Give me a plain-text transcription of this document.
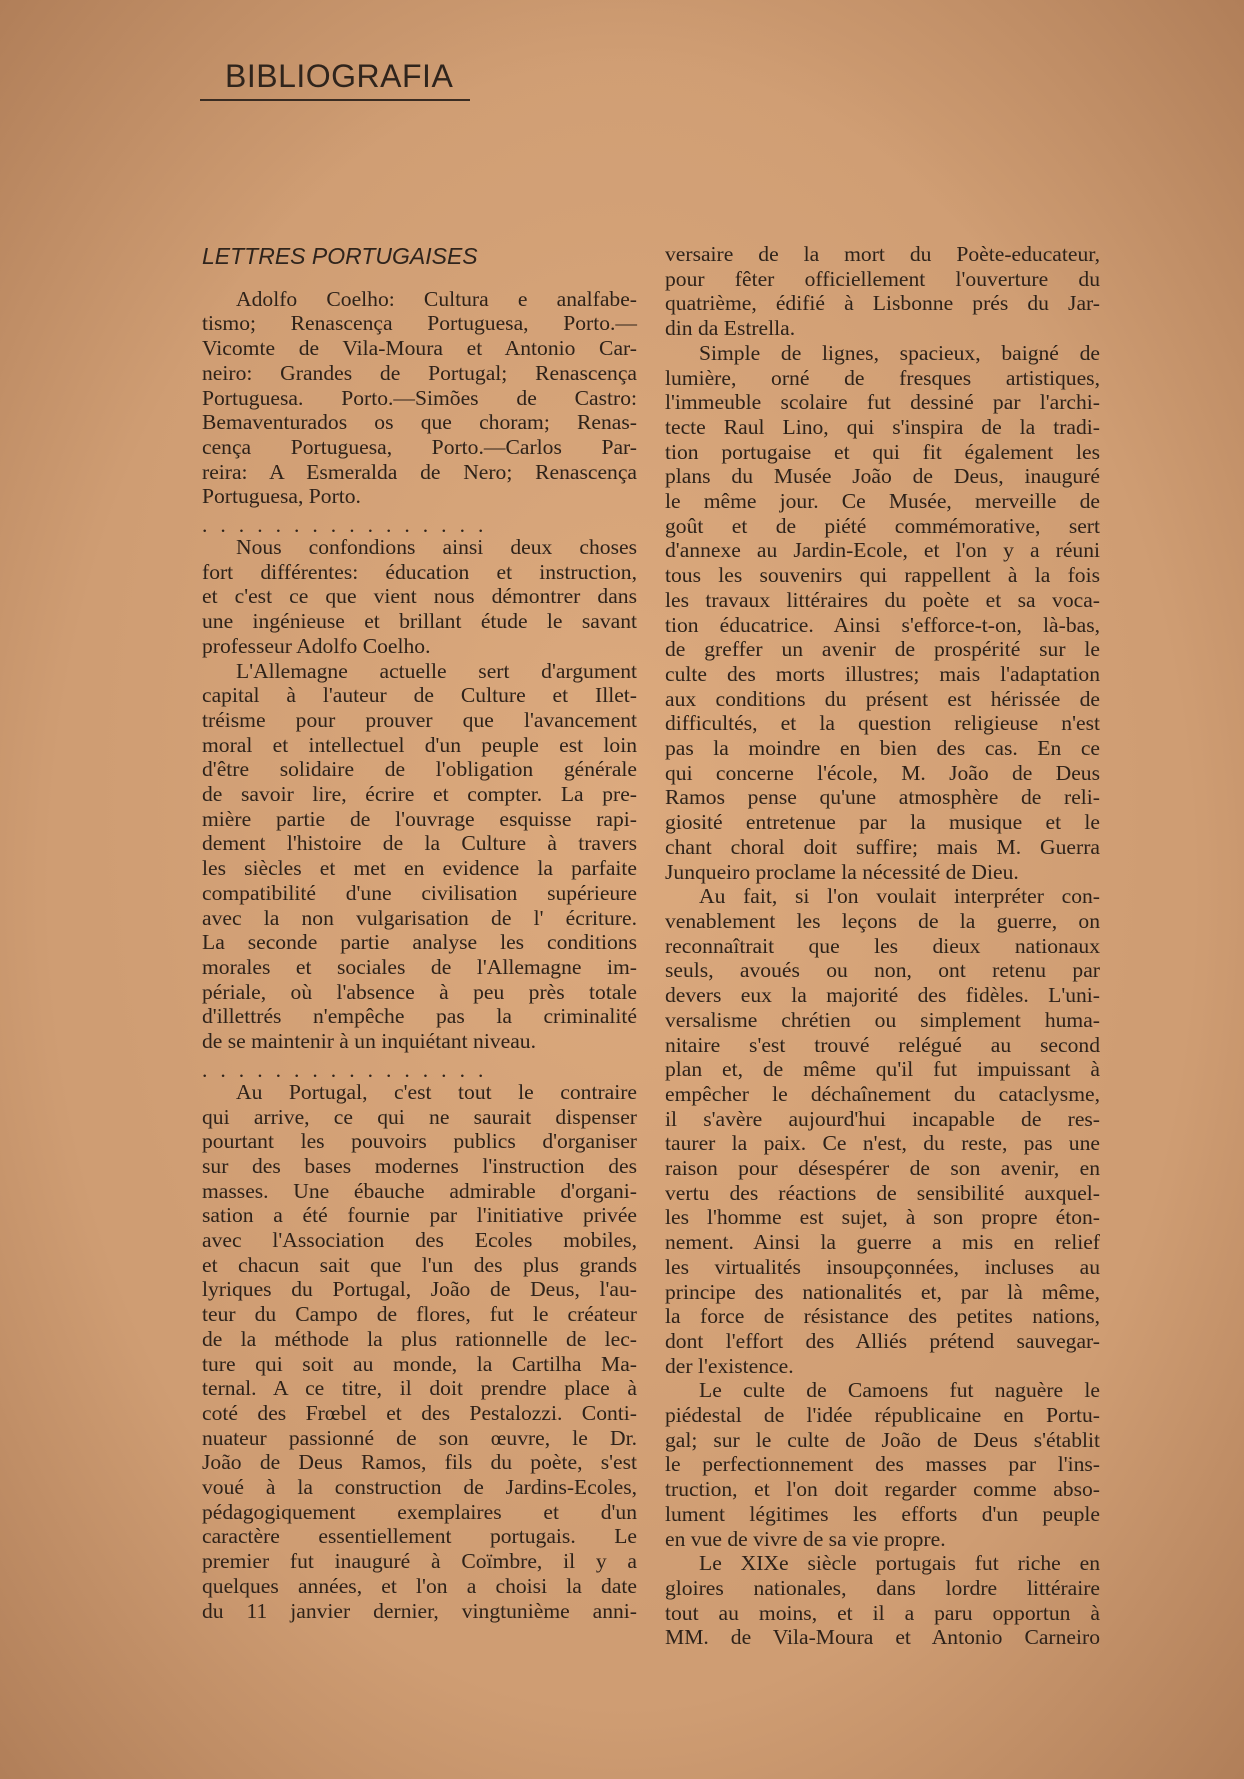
BIBLIOGRAFIA
LETTRES PORTUGAISES
Adolfo Coelho: Cultura e analfabe-
tismo; Renascença Portuguesa, Porto.—
Vicomte de Vila-Moura et Antonio Car-
neiro: Grandes de Portugal; Renascença
Portuguesa. Porto.—Simões de Castro:
Bemaventurados os que choram; Renas-
cença Portuguesa, Porto.—Carlos Par-
reira: A Esmeralda de Nero; Renascença
Portuguesa, Porto.
................
Nous confondions ainsi deux choses
fort différentes: éducation et instruction,
et c'est ce que vient nous démontrer dans
une ingénieuse et brillant étude le savant
professeur Adolfo Coelho.
L'Allemagne actuelle sert d'argument
capital à l'auteur de Culture et Illet-
tréisme pour prouver que l'avancement
moral et intellectuel d'un peuple est loin
d'être solidaire de l'obligation générale
de savoir lire, écrire et compter. La pre-
mière partie de l'ouvrage esquisse rapi-
dement l'histoire de la Culture à travers
les siècles et met en evidence la parfaite
compatibilité d'une civilisation supérieure
avec la non vulgarisation de l' écriture.
La seconde partie analyse les conditions
morales et sociales de l'Allemagne im-
périale, où l'absence à peu près totale
d'illettrés n'empêche pas la criminalité
de se maintenir à un inquiétant niveau.
................
Au Portugal, c'est tout le contraire
qui arrive, ce qui ne saurait dispenser
pourtant les pouvoirs publics d'organiser
sur des bases modernes l'instruction des
masses. Une ébauche admirable d'organi-
sation a été fournie par l'initiative privée
avec l'Association des Ecoles mobiles,
et chacun sait que l'un des plus grands
lyriques du Portugal, João de Deus, l'au-
teur du Campo de flores, fut le créateur
de la méthode la plus rationnelle de lec-
ture qui soit au monde, la Cartilha Ma-
ternal. A ce titre, il doit prendre place à
coté des Frœbel et des Pestalozzi. Conti-
nuateur passionné de son œuvre, le Dr.
João de Deus Ramos, fils du poète, s'est
voué à la construction de Jardins-Ecoles,
pédagogiquement exemplaires et d'un
caractère essentiellement portugais. Le
premier fut inauguré à Coïmbre, il y a
quelques années, et l'on a choisi la date
du 11 janvier dernier, vingtunième anni-
versaire de la mort du Poète-educateur,
pour fêter officiellement l'ouverture du
quatrième, édifié à Lisbonne prés du Jar-
din da Estrella.
Simple de lignes, spacieux, baigné de
lumière, orné de fresques artistiques,
l'immeuble scolaire fut dessiné par l'archi-
tecte Raul Lino, qui s'inspira de la tradi-
tion portugaise et qui fit également les
plans du Musée João de Deus, inauguré
le même jour. Ce Musée, merveille de
goût et de piété commémorative, sert
d'annexe au Jardin-Ecole, et l'on y a réuni
tous les souvenirs qui rappellent à la fois
les travaux littéraires du poète et sa voca-
tion éducatrice. Ainsi s'efforce-t-on, là-bas,
de greffer un avenir de prospérité sur le
culte des morts illustres; mais l'adaptation
aux conditions du présent est hérissée de
difficultés, et la question religieuse n'est
pas la moindre en bien des cas. En ce
qui concerne l'école, M. João de Deus
Ramos pense qu'une atmosphère de reli-
giosité entretenue par la musique et le
chant choral doit suffire; mais M. Guerra
Junqueiro proclame la nécessité de Dieu.
Au fait, si l'on voulait interpréter con-
venablement les leçons de la guerre, on
reconnaîtrait que les dieux nationaux
seuls, avoués ou non, ont retenu par
devers eux la majorité des fidèles. L'uni-
versalisme chrétien ou simplement huma-
nitaire s'est trouvé relégué au second
plan et, de même qu'il fut impuissant à
empêcher le déchaînement du cataclysme,
il s'avère aujourd'hui incapable de res-
taurer la paix. Ce n'est, du reste, pas une
raison pour désespérer de son avenir, en
vertu des réactions de sensibilité auxquel-
les l'homme est sujet, à son propre éton-
nement. Ainsi la guerre a mis en relief
les virtualités insoupçonnées, incluses au
principe des nationalités et, par là même,
la force de résistance des petites nations,
dont l'effort des Alliés prétend sauvegar-
der l'existence.
Le culte de Camoens fut naguère le
piédestal de l'idée républicaine en Portu-
gal; sur le culte de João de Deus s'établit
le perfectionnement des masses par l'ins-
truction, et l'on doit regarder comme abso-
lument légitimes les efforts d'un peuple
en vue de vivre de sa vie propre.
Le XIXe siècle portugais fut riche en
gloires nationales, dans lordre littéraire
tout au moins, et il a paru opportun à
MM. de Vila-Moura et Antonio Carneiro
